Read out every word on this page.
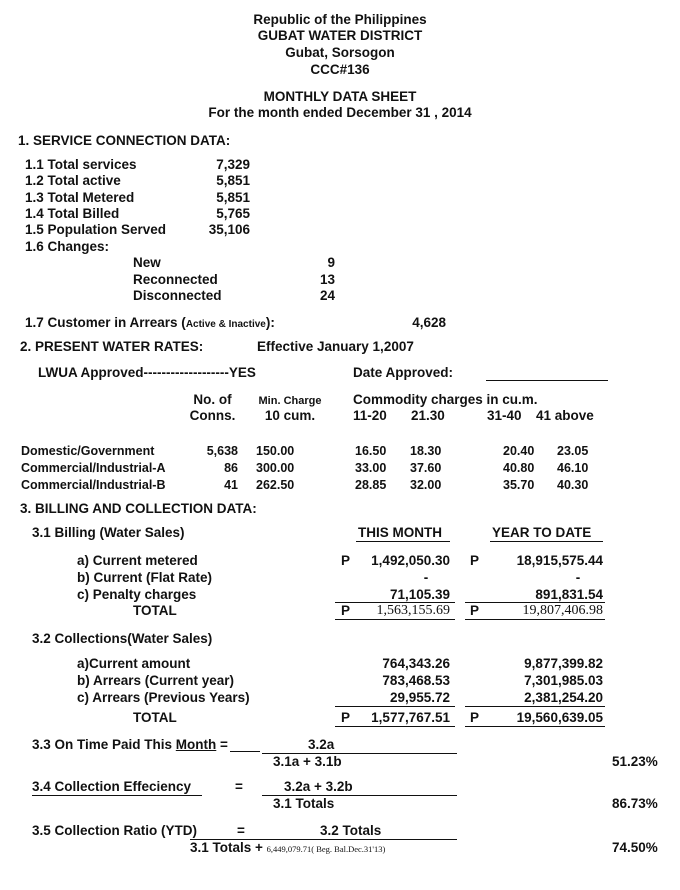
Republic of the Philippines
GUBAT WATER DISTRICT
Gubat, Sorsogon
CCC#136
MONTHLY DATA SHEET
For the month ended December 31 , 2014
1. SERVICE CONNECTION DATA:
1.1 Total services	7,329
1.2 Total active	5,851
1.3 Total Metered	5,851
1.4 Total Billed	5,765
1.5 Population Served	35,106
1.6 Changes:
New	9
Reconnected	13
Disconnected	24
1.7 Customer in Arrears (Active & Inactive):	4,628
2. PRESENT WATER RATES:	Effective January 1,2007
LWUA Approved-------------------YES	Date Approved:
No. of
Conns.
Min. Charge
10 cum.
Commodity charges in cu.m.
11-20 21.30	31-40 41 above
Domestic/Government	5,638 150.00	16.50 18.30	20.40 23.05
Commercial/Industrial-A	86 300.00	33.00 37.60	40.80 46.10
Commercial/Industrial-B	41 262.50	28.85 32.00	35.70 40.30
3. BILLING AND COLLECTION DATA:
3.1 Billing (Water Sales)	THIS MONTH	YEAR TO DATE
a) Current metered	P	1,492,050.30 P	18,915,575.44
b) Current (Flat Rate)	-	-
c) Penalty charges	71,105.39	891,831.54
TOTAL	P	1,563,155.69 P	19,807,406.98
3.2 Collections(Water Sales)
a)Current amount	764,343.26	9,877,399.82
b) Arrears (Current year)	783,468.53	7,301,985.03
c) Arrears (Previous Years)	29,955.72	2,381,254.20
TOTAL	P	1,577,767.51 P	19,560,639.05
3.3 On Time Paid This Month =	3.2a
3.1a + 3.1b	51.23%
3.4 Collection Effeciency	=	3.2a + 3.2b
3.1 Totals	86.73%
3.5 Collection Ratio (YTD)	=	3.2 Totals
3.1 Totals + 6,449,079.71( Beg. Bal.Dec.31'13)	74.50%
